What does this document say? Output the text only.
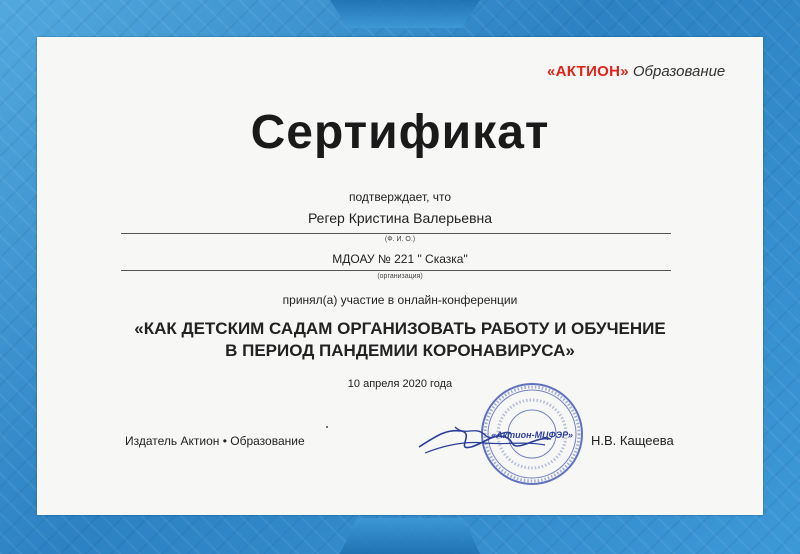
«АКТИОН» Образование
Сертификат
подтверждает, что
Регер Кристина Валерьевна
(Ф. И. О.)
МДОАУ № 221 " Сказка"
(организация)
принял(а) участие в онлайн-конференции
«КАК ДЕТСКИМ САДАМ ОРГАНИЗОВАТЬ РАБОТУ И ОБУЧЕНИЕ
В ПЕРИОД ПАНДЕМИИ КОРОНАВИРУСА»
10 апреля 2020 года
Издатель Актион • Образование	«Актион-МЦФЭР»	Н.В. Кащеева
